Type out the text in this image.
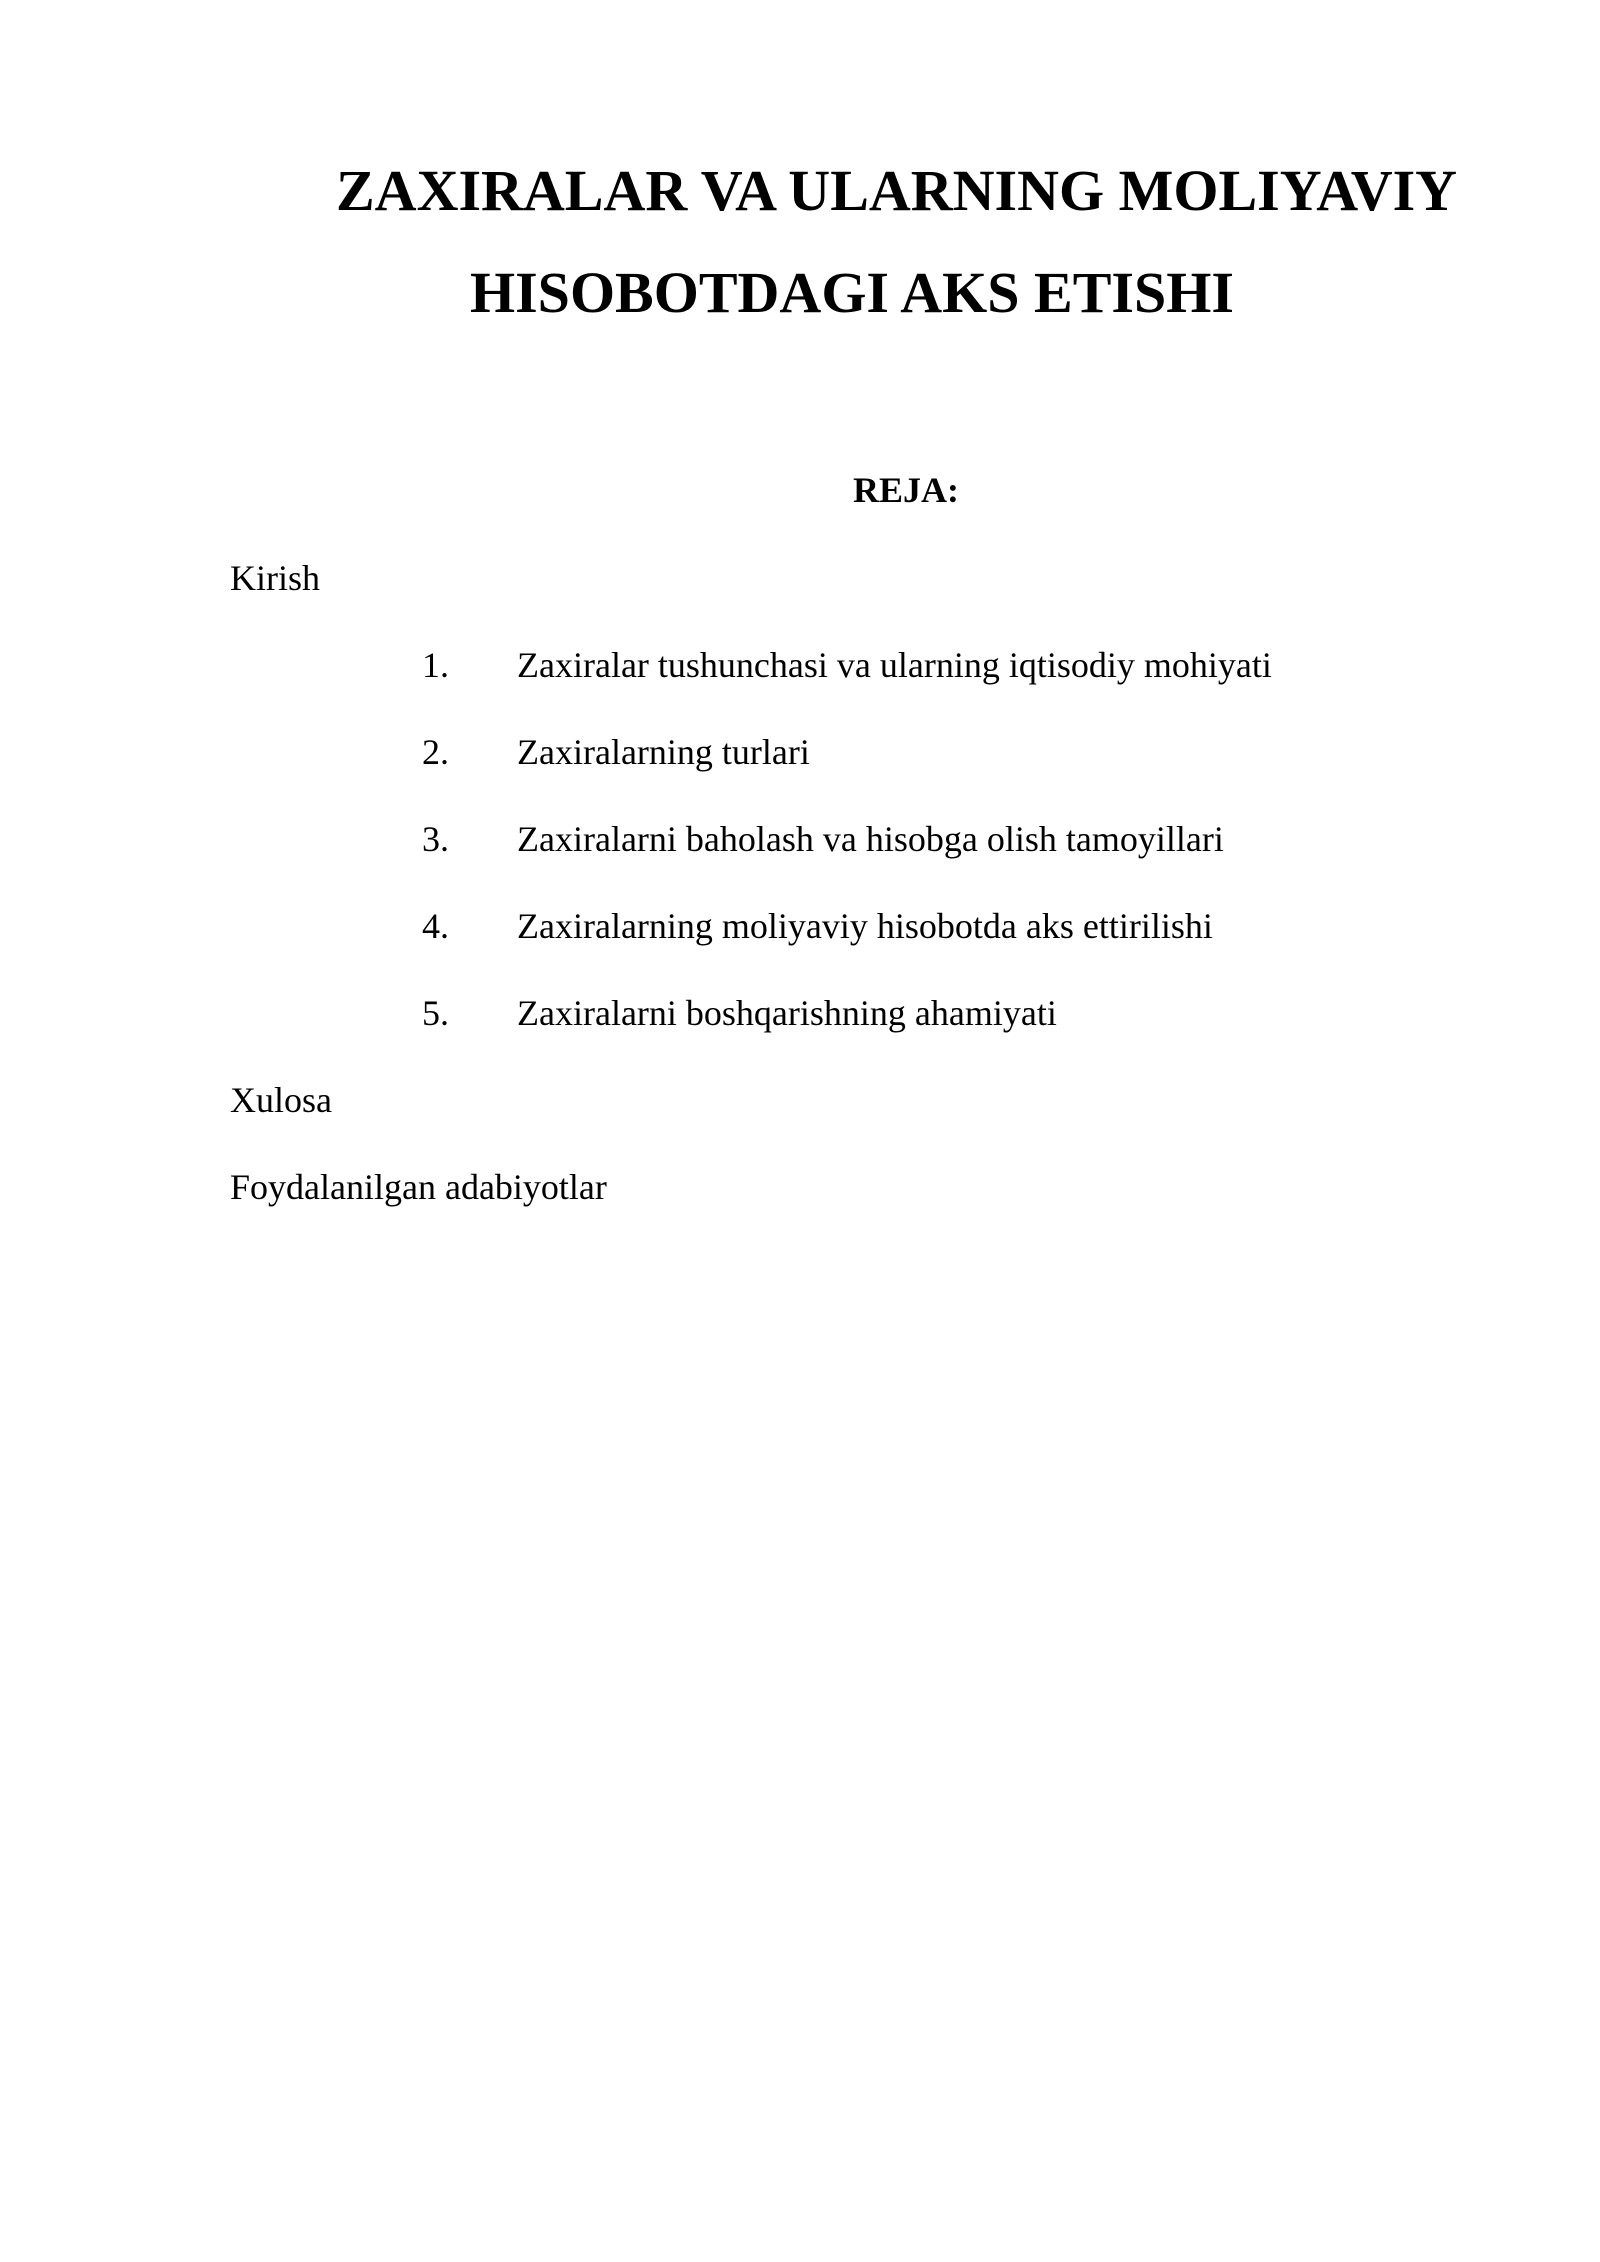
ZAXIRALAR VA ULARNING MOLIYAVIY
HISOBOTDAGI AKS ETISHI
REJA:
Kirish
1. Zaxiralar tushunchasi va ularning iqtisodiy mohiyati
2. Zaxiralarning turlari
3. Zaxiralarni baholash va hisobga olish tamoyillari
4. Zaxiralarning moliyaviy hisobotda aks ettirilishi
5. Zaxiralarni boshqarishning ahamiyati
Xulosa
Foydalanilgan adabiyotlar
